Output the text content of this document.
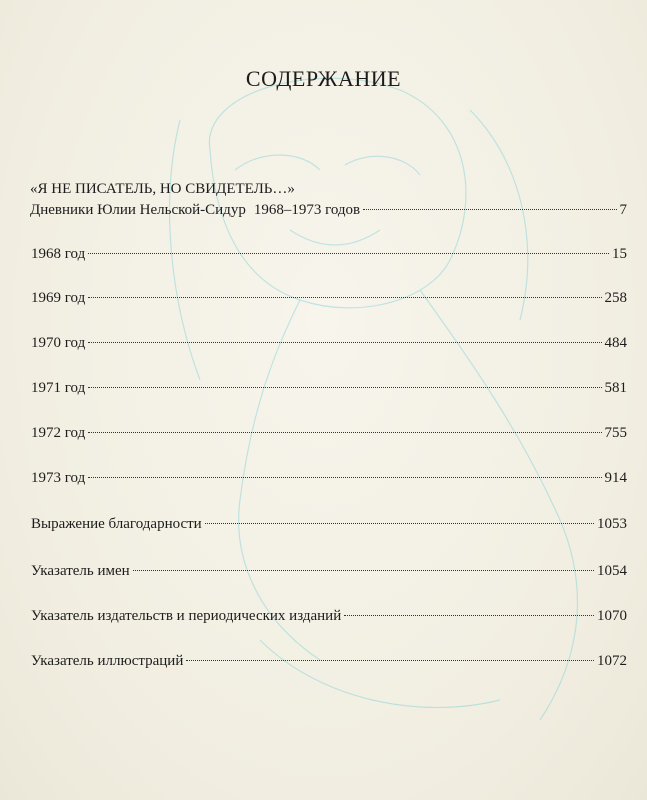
СОДЕРЖАНИЕ
«Я НЕ ПИСАТЕЛЬ, НО СВИДЕТЕЛЬ…»
Дневники Юлии Нельской-Сидур 1968–1973 годов	7
1968 год	15
1969 год	258
1970 год	484
1971 год	581
1972 год	755
1973 год	914
Выражение благодарности	1053
Указатель имен	1054
Указатель издательств и периодических изданий	1070
Указатель иллюстраций	1072
